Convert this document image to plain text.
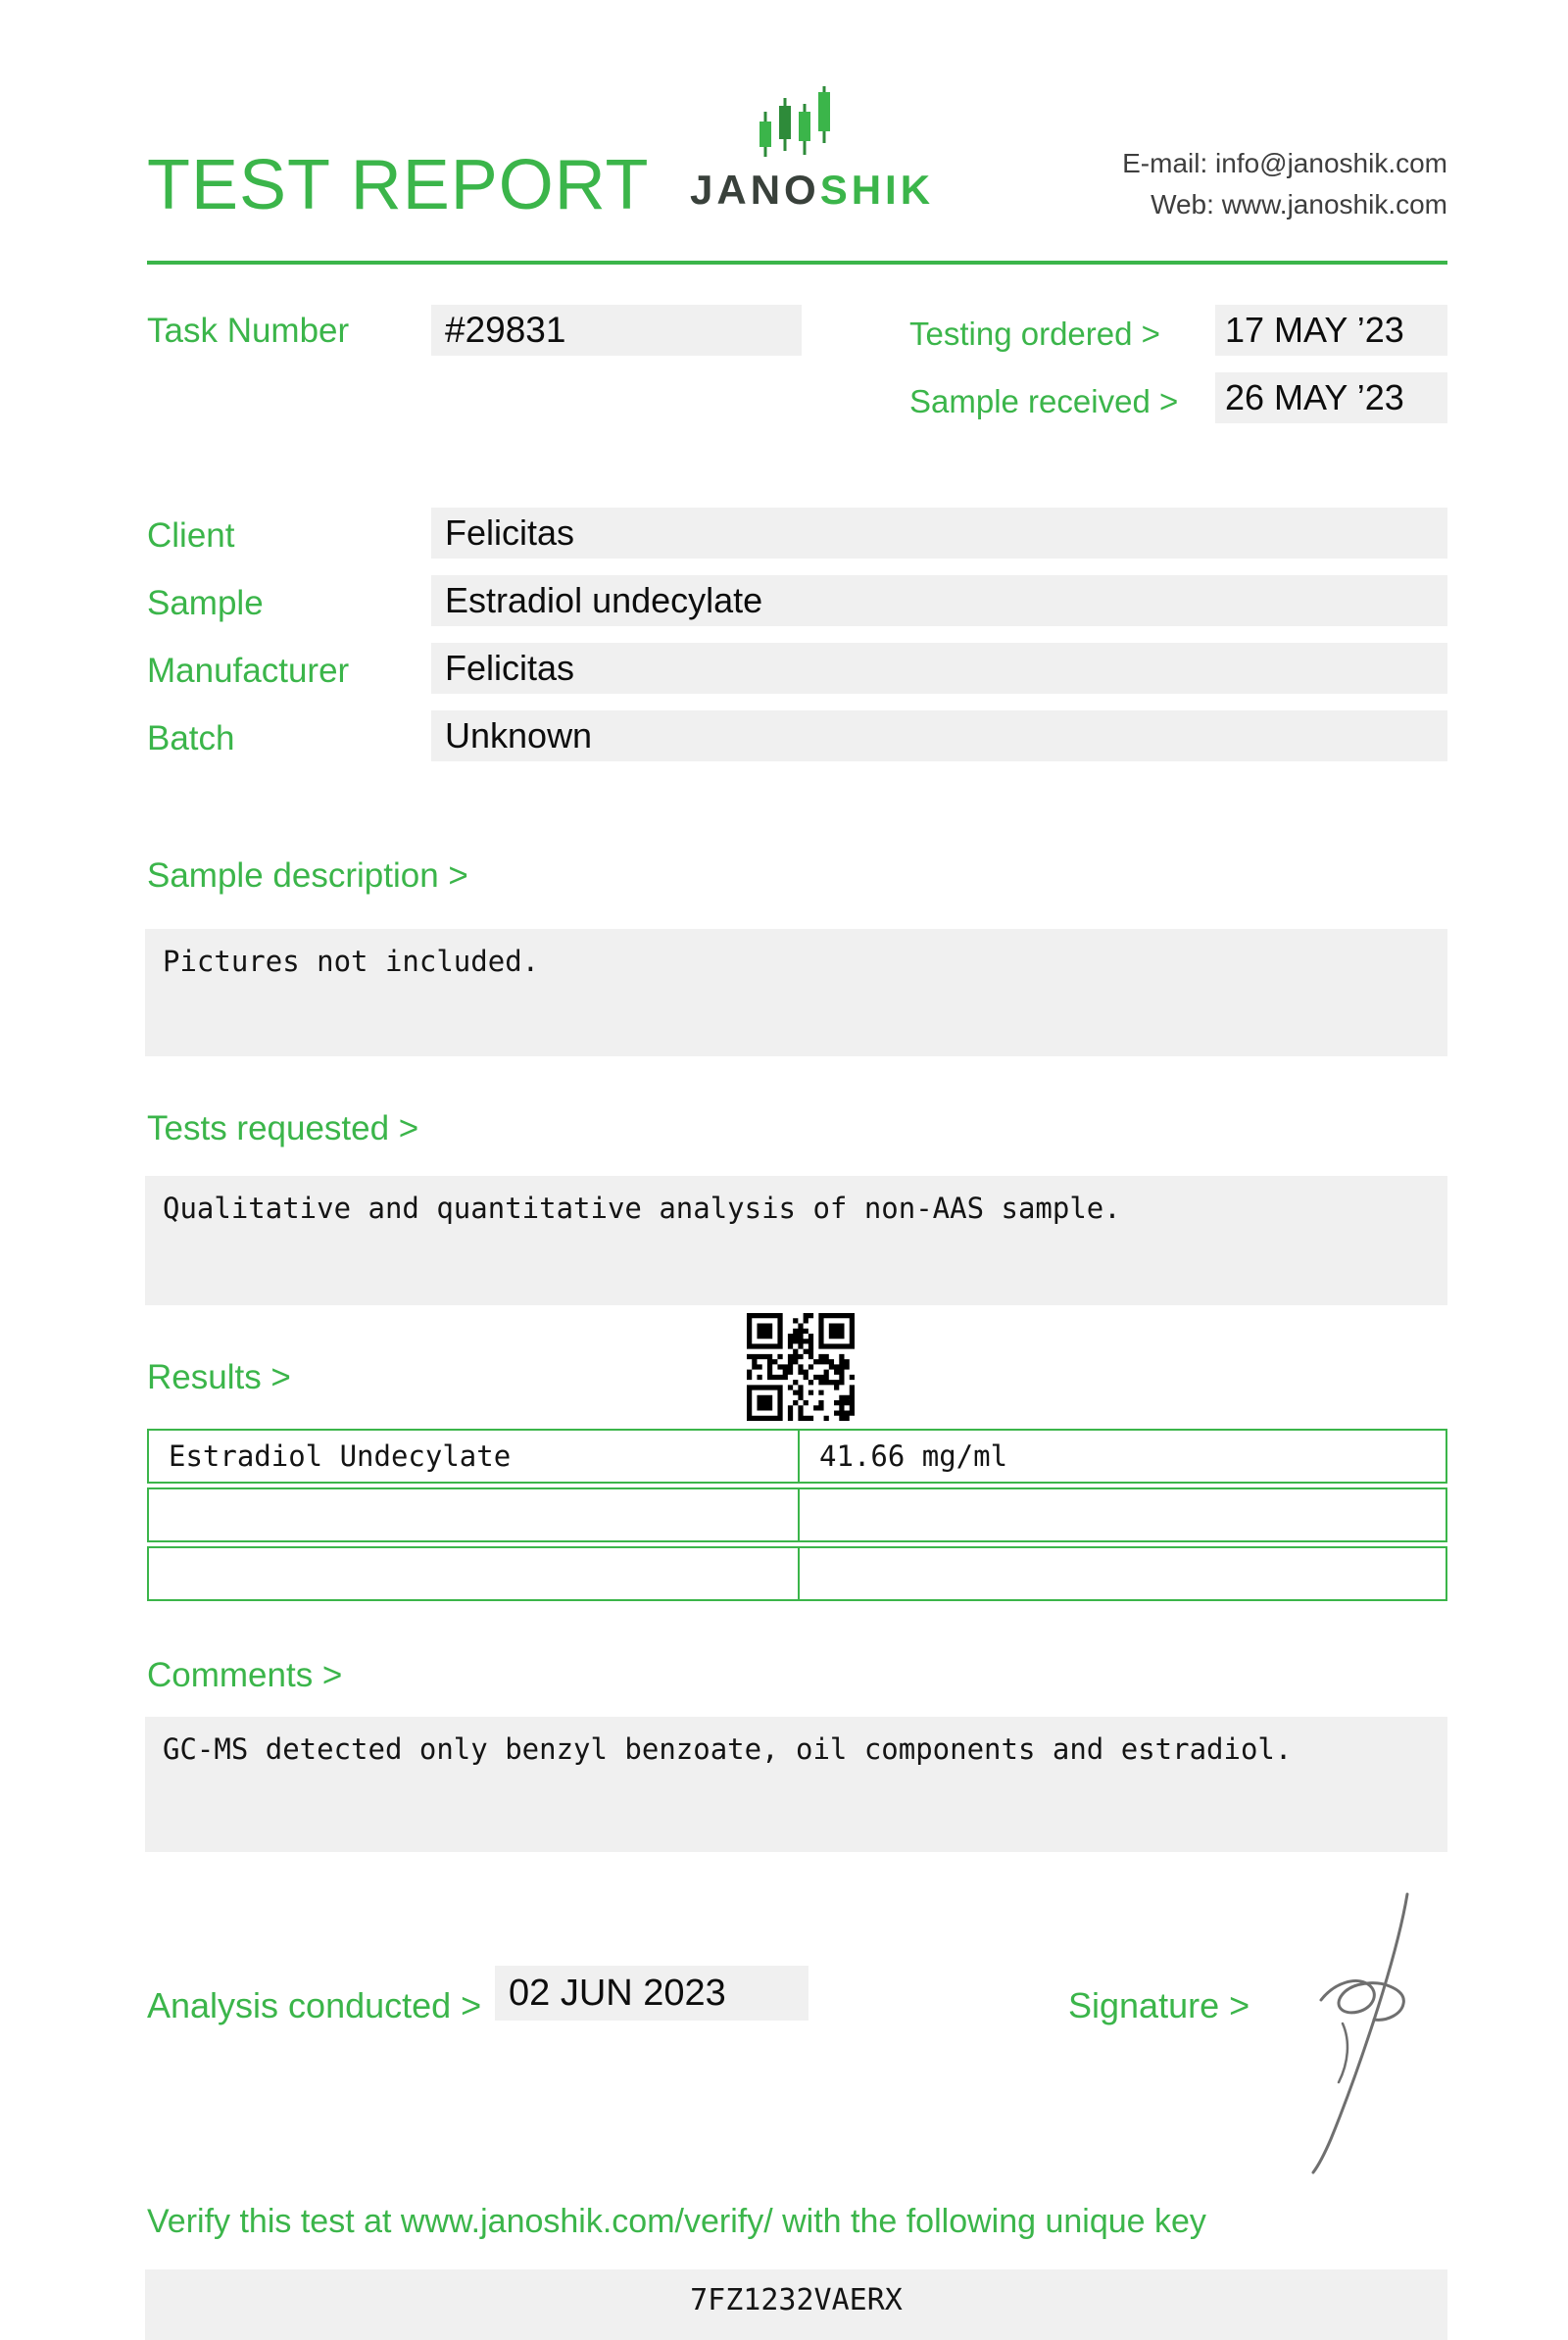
TEST REPORT JANOSHIK
E-mail: info@janoshik.com
Web: www.janoshik.com
Task Number	#29831	Testing ordered > 17 MAY ’23
Sample received > 26 MAY ’23
Client	Felicitas
Sample	Estradiol undecylate
Manufacturer	Felicitas
Batch	Unknown
Sample description >
Pictures not included.
Tests requested >
Qualitative and quantitative analysis of non-AAS sample.
Results >
Estradiol Undecylate	41.66 mg/ml
Comments >
GC-MS detected only benzyl benzoate, oil components and estradiol.
Analysis conducted > 02 JUN 2023	Signature >
Verify this test at www.janoshik.com/verify/ with the following unique key
7FZ1232VAERX
